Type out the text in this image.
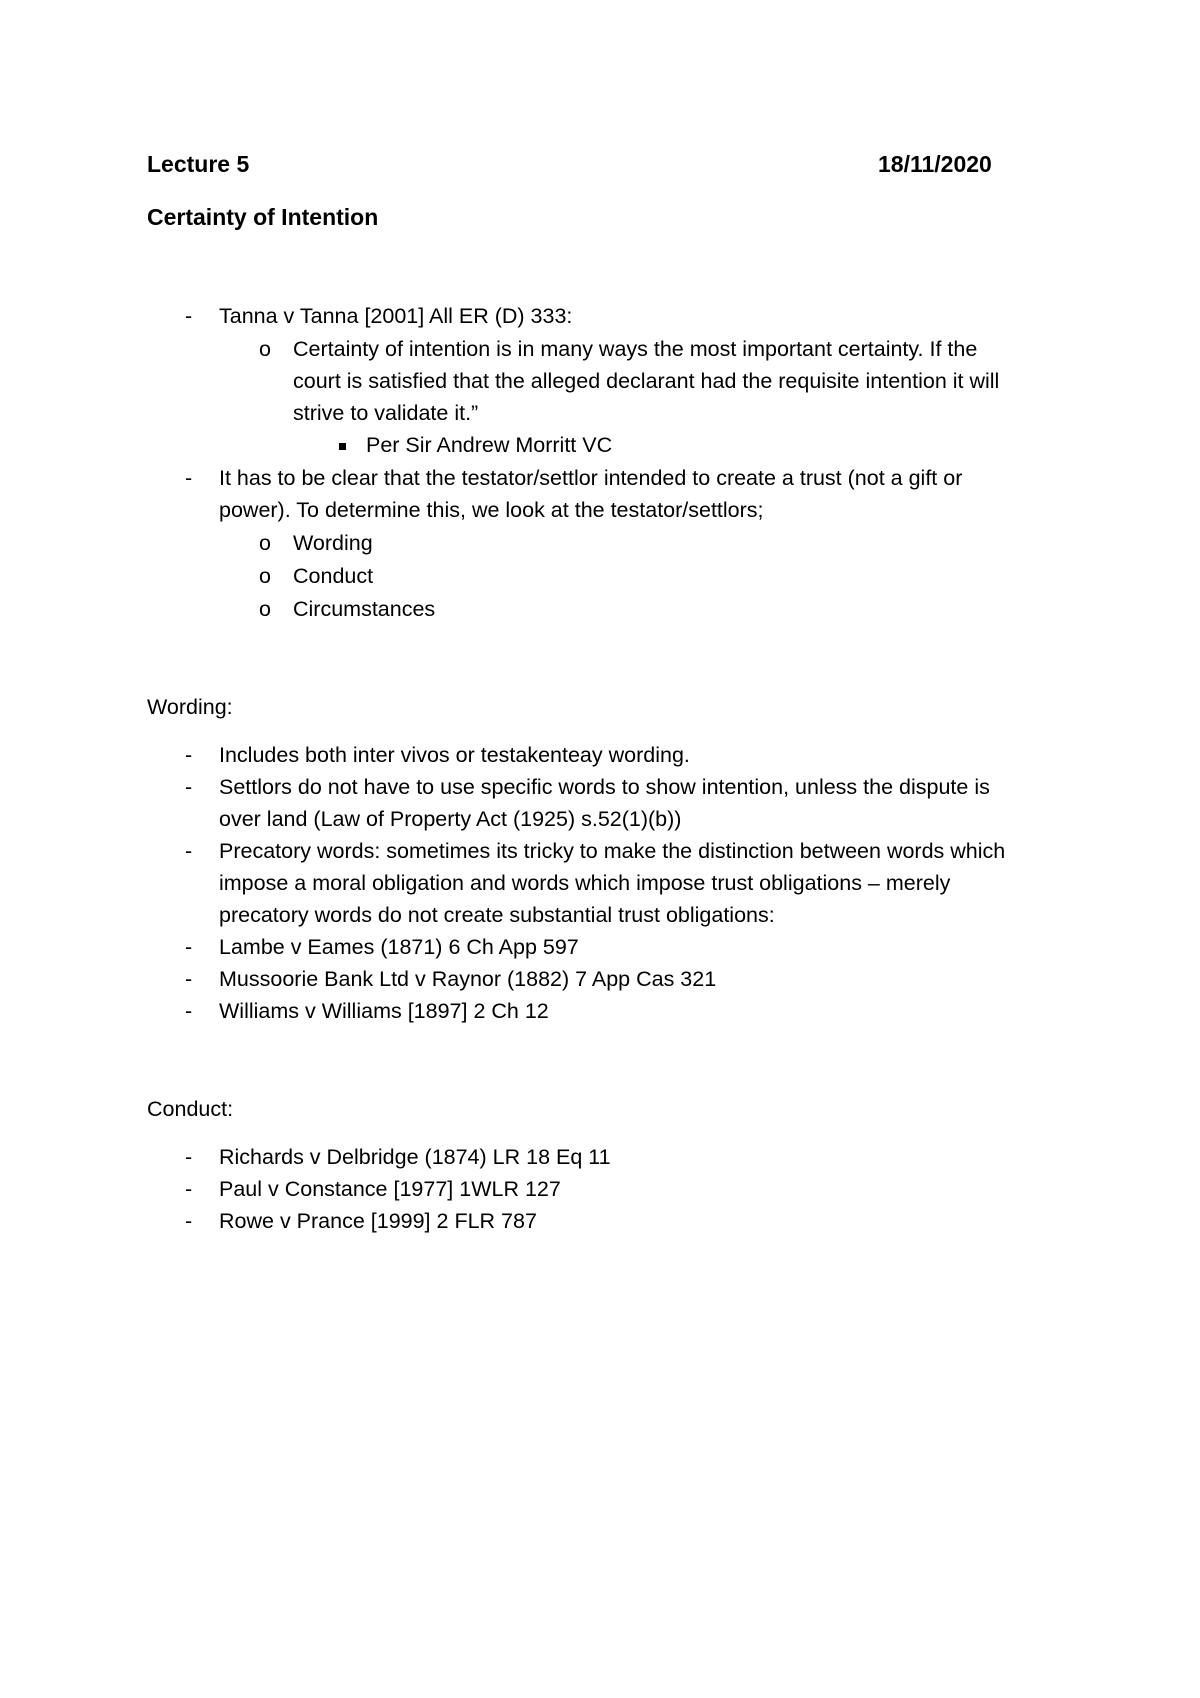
Lecture 5	18/11/2020
Certainty of Intention
- Tanna v Tanna [2001] All ER (D) 333:
o Certainty of intention is in many ways the most important certainty. If the
court is satisfied that the alleged declarant had the requisite intention it will
strive to validate it.”
Per Sir Andrew Morritt VC
- It has to be clear that the testator/settlor intended to create a trust (not a gift or
power). To determine this, we look at the testator/settlors;
o Wording
o Conduct
o Circumstances
Wording:
- Includes both inter vivos or testakenteay wording.
- Settlors do not have to use specific words to show intention, unless the dispute is
over land (Law of Property Act (1925) s.52(1)(b))
- Precatory words: sometimes its tricky to make the distinction between words which
impose a moral obligation and words which impose trust obligations – merely
precatory words do not create substantial trust obligations:
- Lambe v Eames (1871) 6 Ch App 597
- Mussoorie Bank Ltd v Raynor (1882) 7 App Cas 321
- Williams v Williams [1897] 2 Ch 12
Conduct:
- Richards v Delbridge (1874) LR 18 Eq 11
- Paul v Constance [1977] 1WLR 127
- Rowe v Prance [1999] 2 FLR 787
